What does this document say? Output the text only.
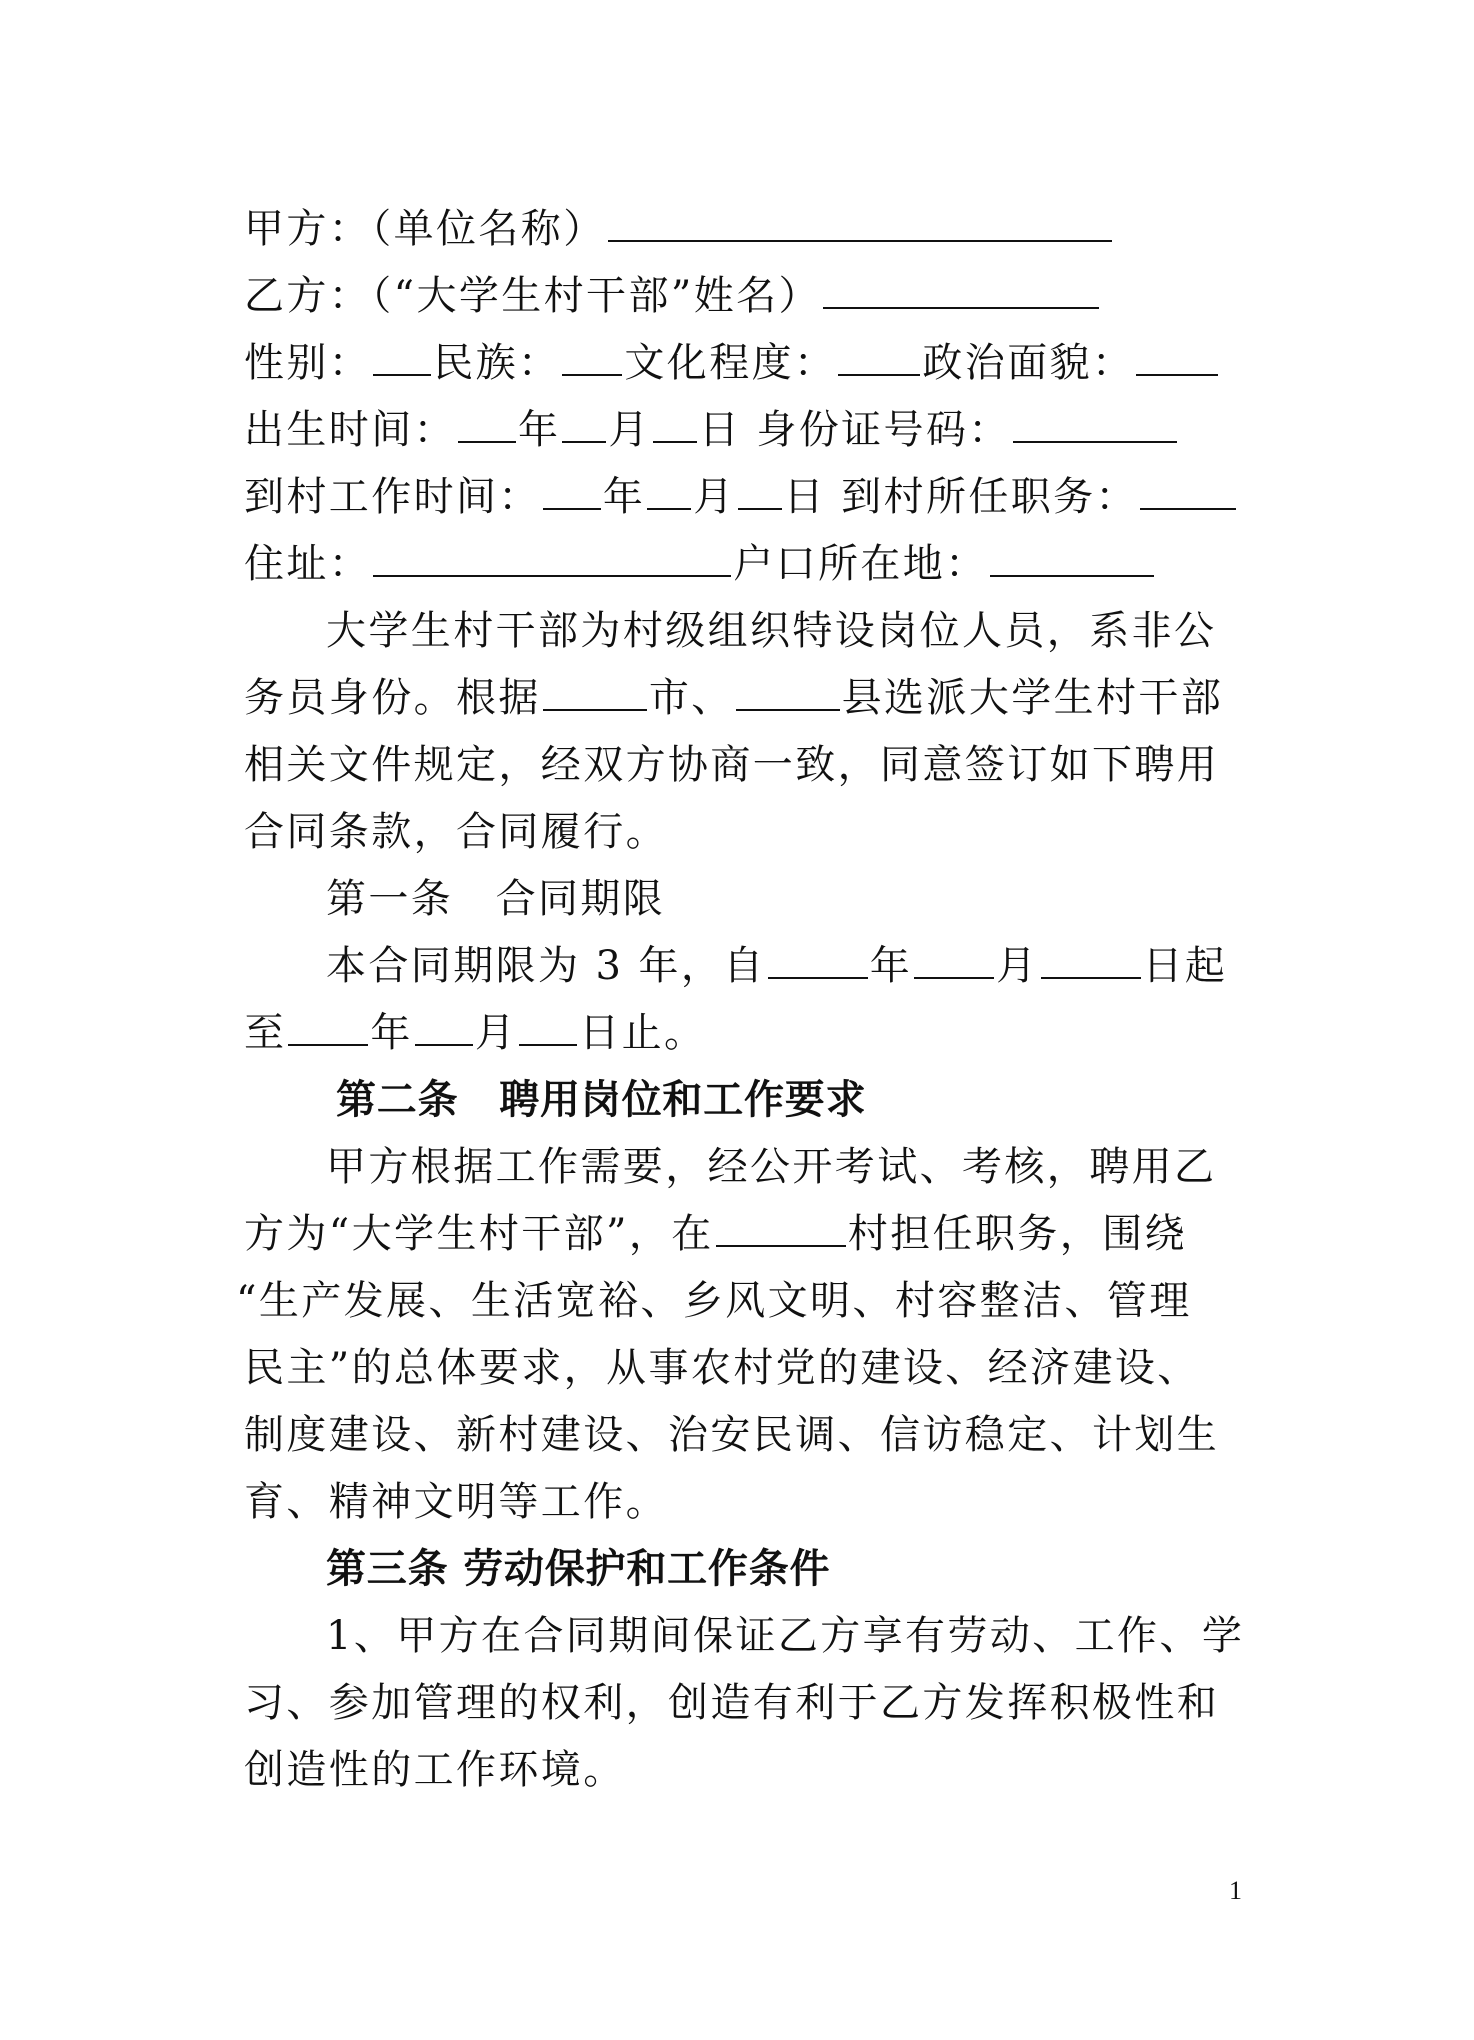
甲方：（单位名称）
乙方：（“大学生村干部”姓名）
性别： 民族： 文化程度： 政治面貌：
出生时间： 年 月 日 身份证号码：
到村工作时间： 年 月 日 到村所任职务：
住址：	户口所在地：
大学生村干部为村级组织特设岗位人员，系非公
务员身份。根据	市、	县选派大学生村干部
相关文件规定，经双方协商一致，同意签订如下聘用
合同条款，合同履行。
第一条　合同期限
本合同期限为 3 年，自	年 月	日起
至 年 月 日止。
第二条　聘用岗位和工作要求
甲方根据工作需要，经公开考试、考核，聘用乙
方为“大学生村干部”，在	村担任职务，围绕
“生产发展、生活宽裕、乡风文明、村容整洁、管理
民主”的总体要求，从事农村党的建设、经济建设、
制度建设、新村建设、治安民调、信访稳定、计划生
育、精神文明等工作。
第三条 劳动保护和工作条件
1、甲方在合同期间保证乙方享有劳动、工作、学
习、参加管理的权利，创造有利于乙方发挥积极性和
创造性的工作环境。
1
